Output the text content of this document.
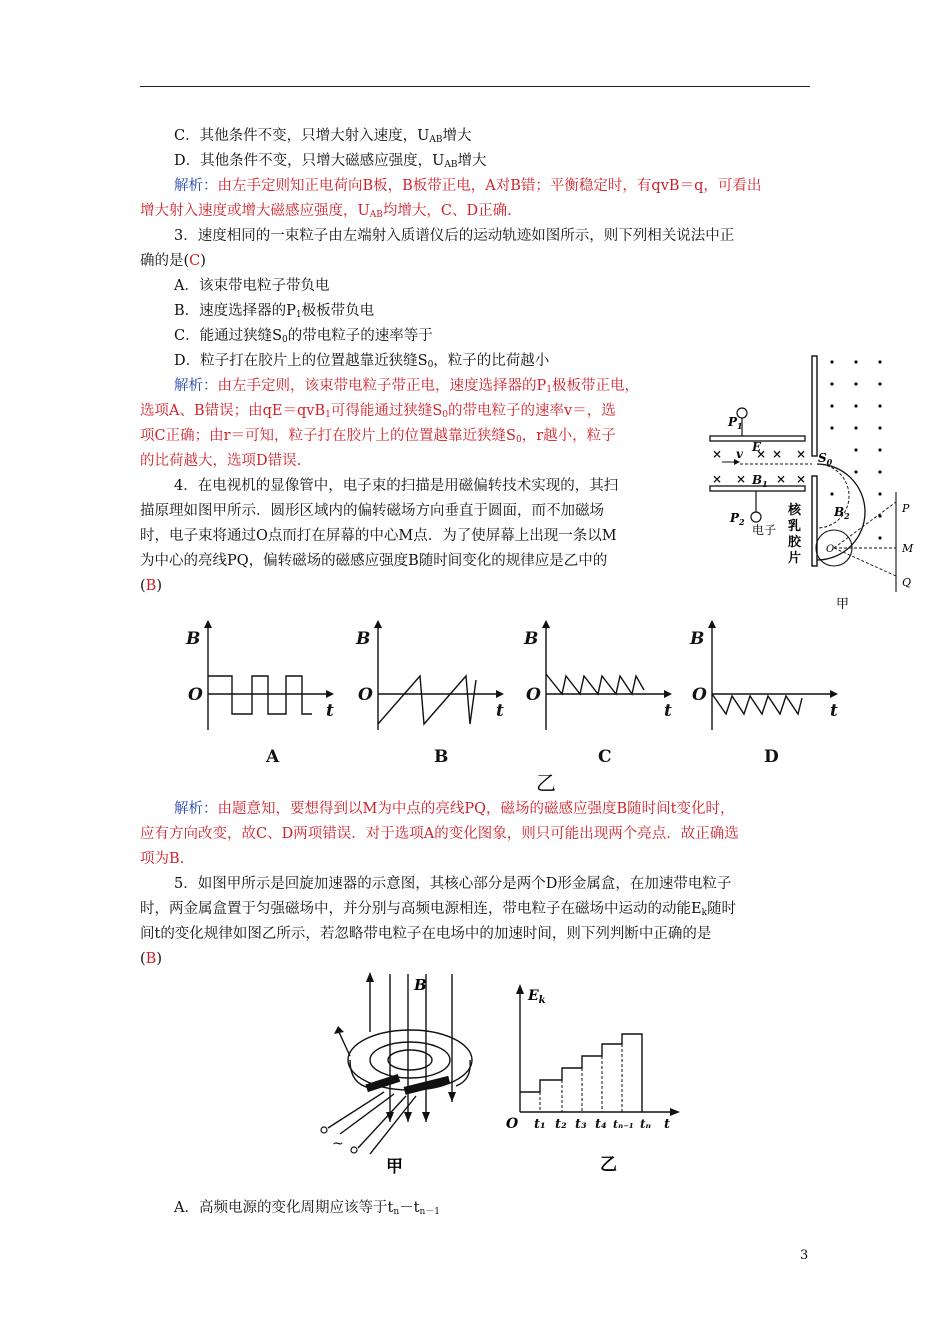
C．其他条件不变，只增大射入速度，$U_{AB}$增大
D．其他条件不变，只增大磁感应强度，$U_{AB}$增大
解析：由左手定则知正电荷向B板，B板带正电，A对B错；平衡稳定时，有qvB＝q，可看出
增大射入速度或增大磁感应强度，$U_{AB}$均增大，C、D正确.
3．速度相同的一束粒子由左端射入质谱仪后的运动轨迹如图所示，则下列相关说法中正
确的是(C)
A．该束带电粒子带负电
B．速度选择器的$P_1$极板带负电
C．能通过狭缝$S_0$的带电粒子的速率等于
D．粒子打在胶片上的位置越靠近狭缝$S_0$，粒子的比荷越小
解析：由左手定则，该束带电粒子带正电，速度选择器的$P_1$极板带正电，
选项A、B错误；由qE＝qvB$_1$可得能通过狭缝$S_0$的带电粒子的速率v＝，选
项C正确；由r＝可知，粒子打在胶片上的位置越靠近狭缝$S_0$，r越小，粒子
的比荷越大，选项D错误.
4．在电视机的显像管中，电子束的扫描是用磁偏转技术实现的，其扫
描原理如图甲所示．圆形区域内的偏转磁场方向垂直于圆面，而不加磁场
时，电子束将通过O点而打在屏幕的中心M点．为了使屏幕上出现一条以M
为中心的亮线PQ，偏转磁场的磁感应强度B随时间变化的规律应是乙中的
(B)
$P_1$
$P_2$
× v × ×
E	×
× × × ×
$B_1$
$S_0$
$B_2$
核
乳
胶
片
电子
O
P
M
Q
甲
B
O
t
B
O
t
B
O
t
B
O
t
A	B	C	D
乙
解析：由题意知，要想得到以M为中点的亮线PQ，磁场的磁感应强度B随时间t变化时，
应有方向改变，故C、D两项错误．对于选项A的变化图象，则只可能出现两个亮点．故正确选
项为B.
5．如图甲所示是回旋加速器的示意图，其核心部分是两个D形金属盒，在加速带电粒子
时，两金属盒置于匀强磁场中，并分别与高频电源相连，带电粒子在磁场中运动的动能$E_k$随时
间t的变化规律如图乙所示，若忽略带电粒子在电场中的加速时间，则下列判断中正确的是
(B)
~
B
甲
$E_k$
O t₁ t₂ t₃ t₄ tₙ₋₁ tₙ t
乙
A．高频电源的变化周期应该等于$t_n-t_{n-1}$
3
